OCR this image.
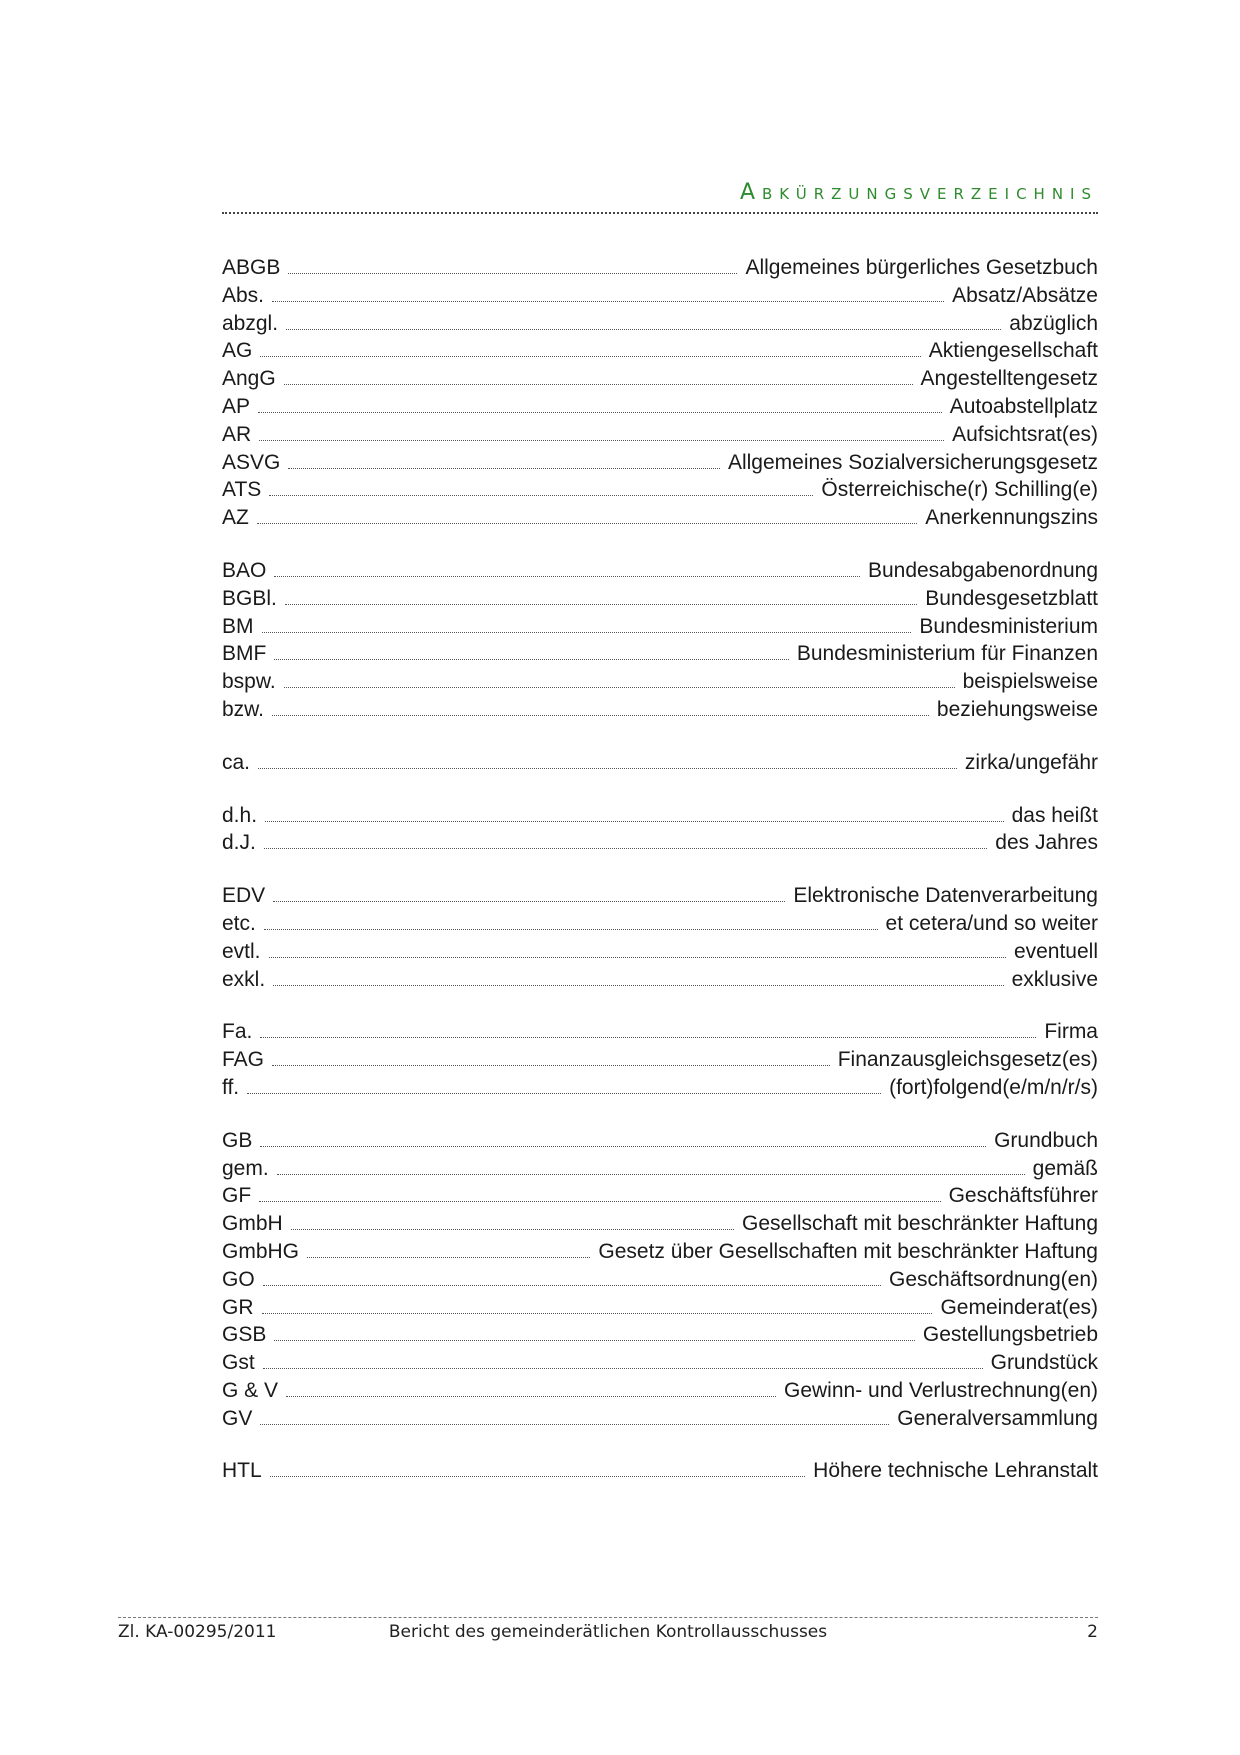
Abkürzungsverzeichnis
ABGB	Allgemeines bürgerliches Gesetzbuch
Abs.	Absatz/Absätze
abzgl.	abzüglich
AG	Aktiengesellschaft
AngG	Angestelltengesetz
AP	Autoabstellplatz
AR	Aufsichtsrat(es)
ASVG	Allgemeines Sozialversicherungsgesetz
ATS	Österreichische(r) Schilling(e)
AZ	Anerkennungszins
BAO	Bundesabgabenordnung
BGBl.	Bundesgesetzblatt
BM	Bundesministerium
BMF	Bundesministerium für Finanzen
bspw.	beispielsweise
bzw.	beziehungsweise
ca.	zirka/ungefähr
d.h.	das heißt
d.J.	des Jahres
EDV	Elektronische Datenverarbeitung
etc.	et cetera/und so weiter
evtl.	eventuell
exkl.	exklusive
Fa.	Firma
FAG	Finanzausgleichsgesetz(es)
ff.	(fort)folgend(e/m/n/r/s)
GB	Grundbuch
gem.	gemäß
GF	Geschäftsführer
GmbH	Gesellschaft mit beschränkter Haftung
GmbHG	Gesetz über Gesellschaften mit beschränkter Haftung
GO	Geschäftsordnung(en)
GR	Gemeinderat(es)
GSB	Gestellungsbetrieb
Gst	Grundstück
G & V	Gewinn- und Verlustrechnung(en)
GV	Generalversammlung
HTL	Höhere technische Lehranstalt
Zl. KA-00295/2011	Bericht des gemeinderätlichen Kontrollausschusses	2
